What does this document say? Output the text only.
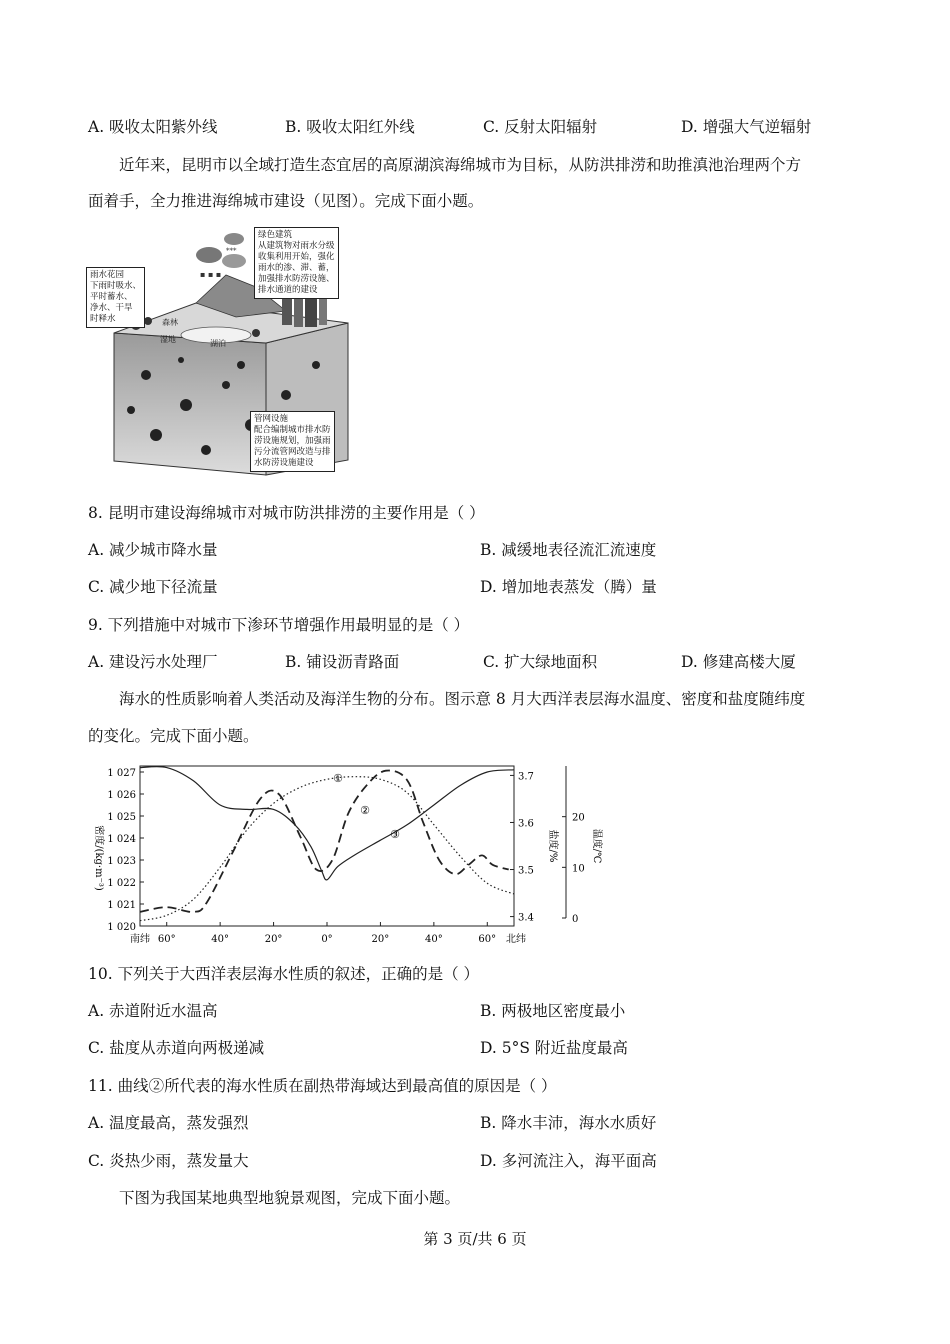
A. 吸收太阳紫外线	B. 吸收太阳红外线	C. 反射太阳辐射	D. 增强大气逆辐射
近年来，昆明市以全域打造生态宜居的高原湖滨海绵城市为目标，从防洪排涝和助推滇池治理两个方
面着手，全力推进海绵城市建设（见图）。完成下面小题。
▪ ▪ ▪
***
森林
湿地	湖泊
雨水花园
下雨时吸水、
平时蓄水、
净水、干旱
时释水
绿色建筑
从建筑物对雨水分级
收集利用开始，强化
雨水的渗、滞、蓄，
加强排水防涝设施、
排水通道的建设
管网设施
配合编制城市排水防
涝设施规划，加强雨
污分流管网改造与排
水防涝设施建设
8. 昆明市建设海绵城市对城市防洪排涝的主要作用是（ ）
A. 减少城市降水量	B. 减缓地表径流汇流速度
C. 减少地下径流量	D. 增加地表蒸发（腾）量
9. 下列措施中对城市下渗环节增强作用最明显的是（ ）
A. 建设污水处理厂	B. 铺设沥青路面	C. 扩大绿地面积	D. 修建高楼大厦
海水的性质影响着人类活动及海洋生物的分布。图示意 8 月大西洋表层海水温度、密度和盐度随纬度
的变化。完成下面小题。
1 027
1 026
1 025
1 024
1 023
1 022
1 021
1 020
3.7
3.6
3.5
3.4
20
10
0
南纬 60°	40°	20°	0°	20°	40°	60° 北纬
密度/(kg·m⁻³)	盐度/%	温度/℃
①
②
③
10. 下列关于大西洋表层海水性质的叙述，正确的是（ ）
A. 赤道附近水温高	B. 两极地区密度最小
C. 盐度从赤道向两极递减	D. 5°S 附近盐度最高
11. 曲线②所代表的海水性质在副热带海域达到最高值的原因是（ ）
A. 温度最高，蒸发强烈	B. 降水丰沛，海水水质好
C. 炎热少雨，蒸发量大	D. 多河流注入，海平面高
下图为我国某地典型地貌景观图，完成下面小题。
第 3 页/共 6 页
